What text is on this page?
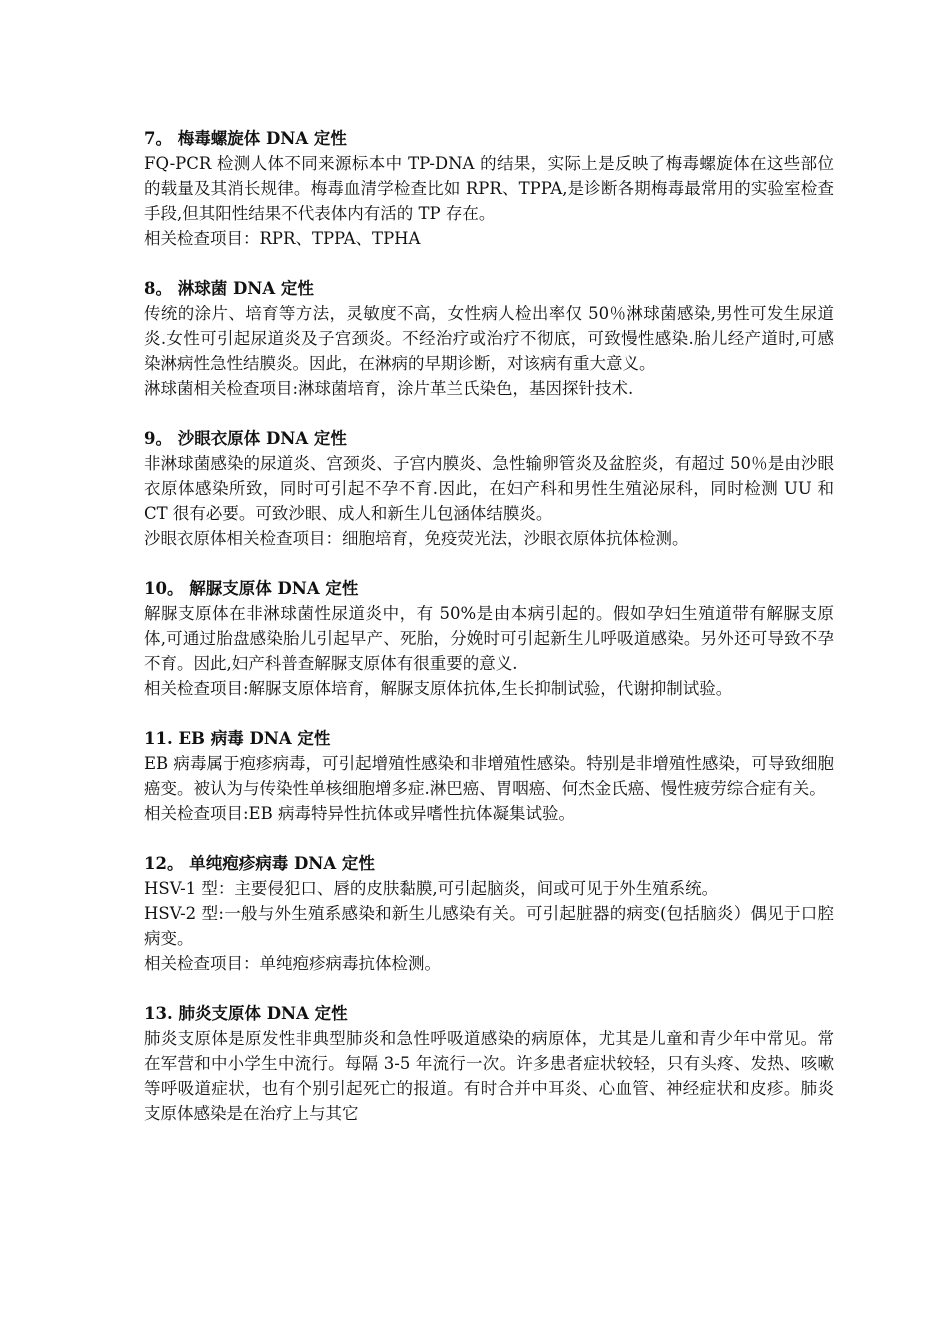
7。 梅毒螺旋体 DNA 定性

FQ-PCR 检测人体不同来源标本中 TP-DNA 的结果，实际上是反映了梅毒螺旋体在这些部位的载量及其消长规律。梅毒血清学检查比如 RPR、TPPA,是诊断各期梅毒最常用的实验室检查手段,但其阳性结果不代表体内有活的 TP 存在。

相关检查项目：RPR、TPPA、TPHA

8。 淋球菌 DNA 定性

传统的涂片、培育等方法，灵敏度不高，女性病人检出率仅 50％淋球菌感染,男性可发生尿道炎.女性可引起尿道炎及子宫颈炎。不经治疗或治疗不彻底，可致慢性感染.胎儿经产道时,可感染淋病性急性结膜炎。因此，在淋病的早期诊断，对该病有重大意义。

淋球菌相关检查项目:淋球菌培育，涂片革兰氏染色，基因探针技术.

9。 沙眼衣原体 DNA 定性

非淋球菌感染的尿道炎、宫颈炎、子宫内膜炎、急性输卵管炎及盆腔炎，有超过 50％是由沙眼衣原体感染所致，同时可引起不孕不育.因此，在妇产科和男性生殖泌尿科，同时检测 UU 和 CT 很有必要。可致沙眼、成人和新生儿包涵体结膜炎。

沙眼衣原体相关检查项目：细胞培育，免疫荧光法，沙眼衣原体抗体检测。

10。 解脲支原体 DNA 定性

解脲支原体在非淋球菌性尿道炎中，有 50%是由本病引起的。假如孕妇生殖道带有解脲支原体,可通过胎盘感染胎儿引起早产、死胎，分娩时可引起新生儿呼吸道感染。另外还可导致不孕不育。因此,妇产科普查解脲支原体有很重要的意义.

相关检查项目:解脲支原体培育，解脲支原体抗体,生长抑制试验，代谢抑制试验。

11. EB 病毒 DNA 定性

EB 病毒属于疱疹病毒，可引起增殖性感染和非增殖性感染。特别是非增殖性感染，可导致细胞癌变。被认为与传染性单核细胞增多症.淋巴癌、胃咽癌、何杰金氏癌、慢性疲劳综合症有关。

相关检查项目:EB 病毒特异性抗体或异嗜性抗体凝集试验。

12。 单纯疱疹病毒 DNA 定性

HSV-1 型：主要侵犯口、唇的皮肤黏膜,可引起脑炎，间或可见于外生殖系统。

HSV-2 型:一般与外生殖系感染和新生儿感染有关。可引起脏器的病变(包括脑炎）偶见于口腔病变。

相关检查项目：单纯疱疹病毒抗体检测。

13. 肺炎支原体 DNA 定性

肺炎支原体是原发性非典型肺炎和急性呼吸道感染的病原体，尤其是儿童和青少年中常见。常在军营和中小学生中流行。每隔 3-5 年流行一次。许多患者症状较轻，只有头疼、发热、咳嗽等呼吸道症状，也有个别引起死亡的报道。有时合并中耳炎、心血管、神经症状和皮疹。肺炎支原体感染是在治疗上与其它
